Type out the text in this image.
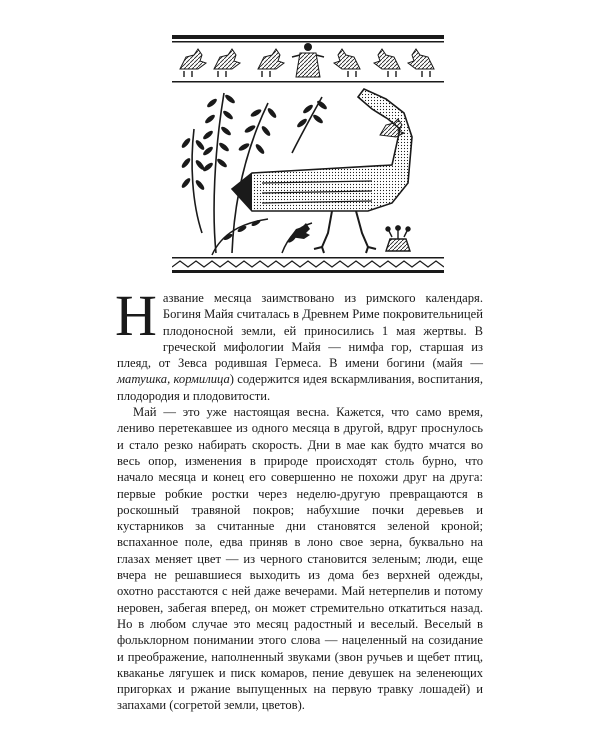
Название месяца заимствовано из римского календаря. Богиня Майя считалась в Древнем Риме покровительницей плодоносной земли, ей приносились 1 мая жертвы. В греческой мифологии Майя — нимфа гор, старшая из плеяд, от Зевса родившая Гермеса. В имени богини (майя — матушка, кормилица) содержится идея вскармливания, воспитания, плодородия и плодовитости.

Май — это уже настоящая весна. Кажется, что само время, лениво перетекавшее из одного месяца в другой, вдруг проснулось и стало резко набирать скорость. Дни в мае как будто мчатся во весь опор, изменения в природе происходят столь бурно, что начало месяца и конец его совершенно не похожи друг на друга: первые робкие ростки через неделю-другую превращаются в роскошный травяной покров; набухшие почки деревьев и кустарников за считанные дни становятся зеленой кроной; вспаханное поле, едва приняв в лоно свое зерна, буквально на глазах меняет цвет — из черного становится зеленым; люди, еще вчера не решавшиеся выходить из дома без верхней одежды, охотно расстаются с ней даже вечерами. Май нетерпелив и потому неровен, забегая вперед, он может стремительно откатиться назад. Но в любом случае это месяц радостный и веселый. Веселый в фольклорном понимании этого слова — нацеленный на созидание и преображение, наполненный звуками (звон ручьев и щебет птиц, кваканье лягушек и писк комаров, пение девушек на зеленеющих пригорках и ржание выпущенных на первую травку лошадей) и запахами (согретой земли, цветов).
